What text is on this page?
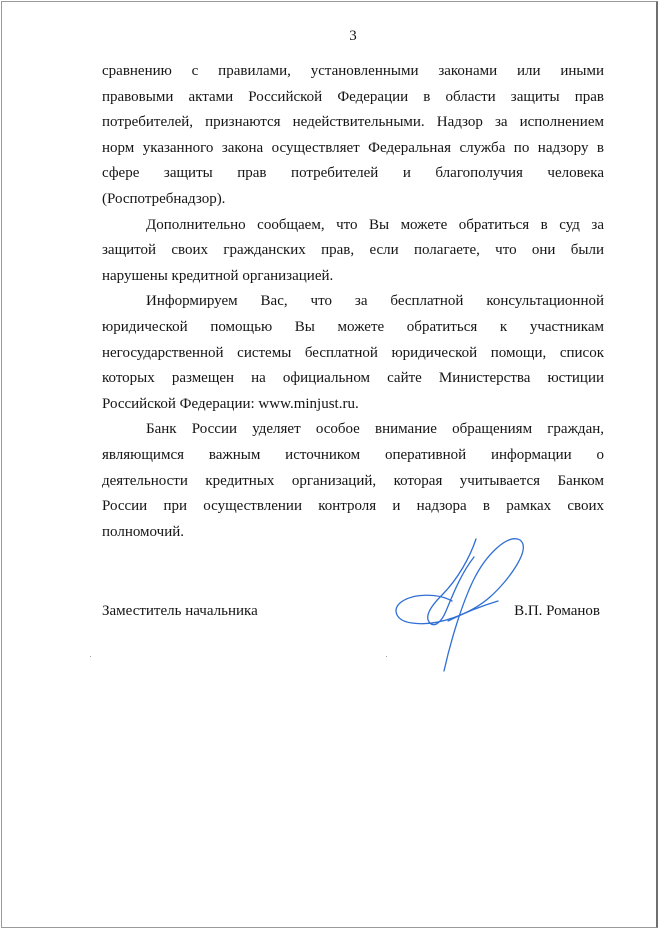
3

сравнению с правилами, установленными законами или иными
правовыми актами Российской Федерации в области защиты прав
потребителей, признаются недействительными. Надзор за исполнением
норм указанного закона осуществляет Федеральная служба по надзору в
сфере защиты прав потребителей и благополучия человека
(Роспотребнадзор).

Дополнительно сообщаем, что Вы можете обратиться в суд за
защитой своих гражданских прав, если полагаете, что они были
нарушены кредитной организацией.

Информируем Вас, что за бесплатной консультационной
юридической помощью Вы можете обратиться к участникам
негосударственной системы бесплатной юридической помощи, список
которых размещен на официальном сайте Министерства юстиции
Российской Федерации: www.minjust.ru.

Банк России уделяет особое внимание обращениям граждан,
являющимся важным источником оперативной информации о
деятельности кредитных организаций, которая учитывается Банком
России при осуществлении контроля и надзора в рамках своих
полномочий.

Заместитель начальника	В.П. Романов
